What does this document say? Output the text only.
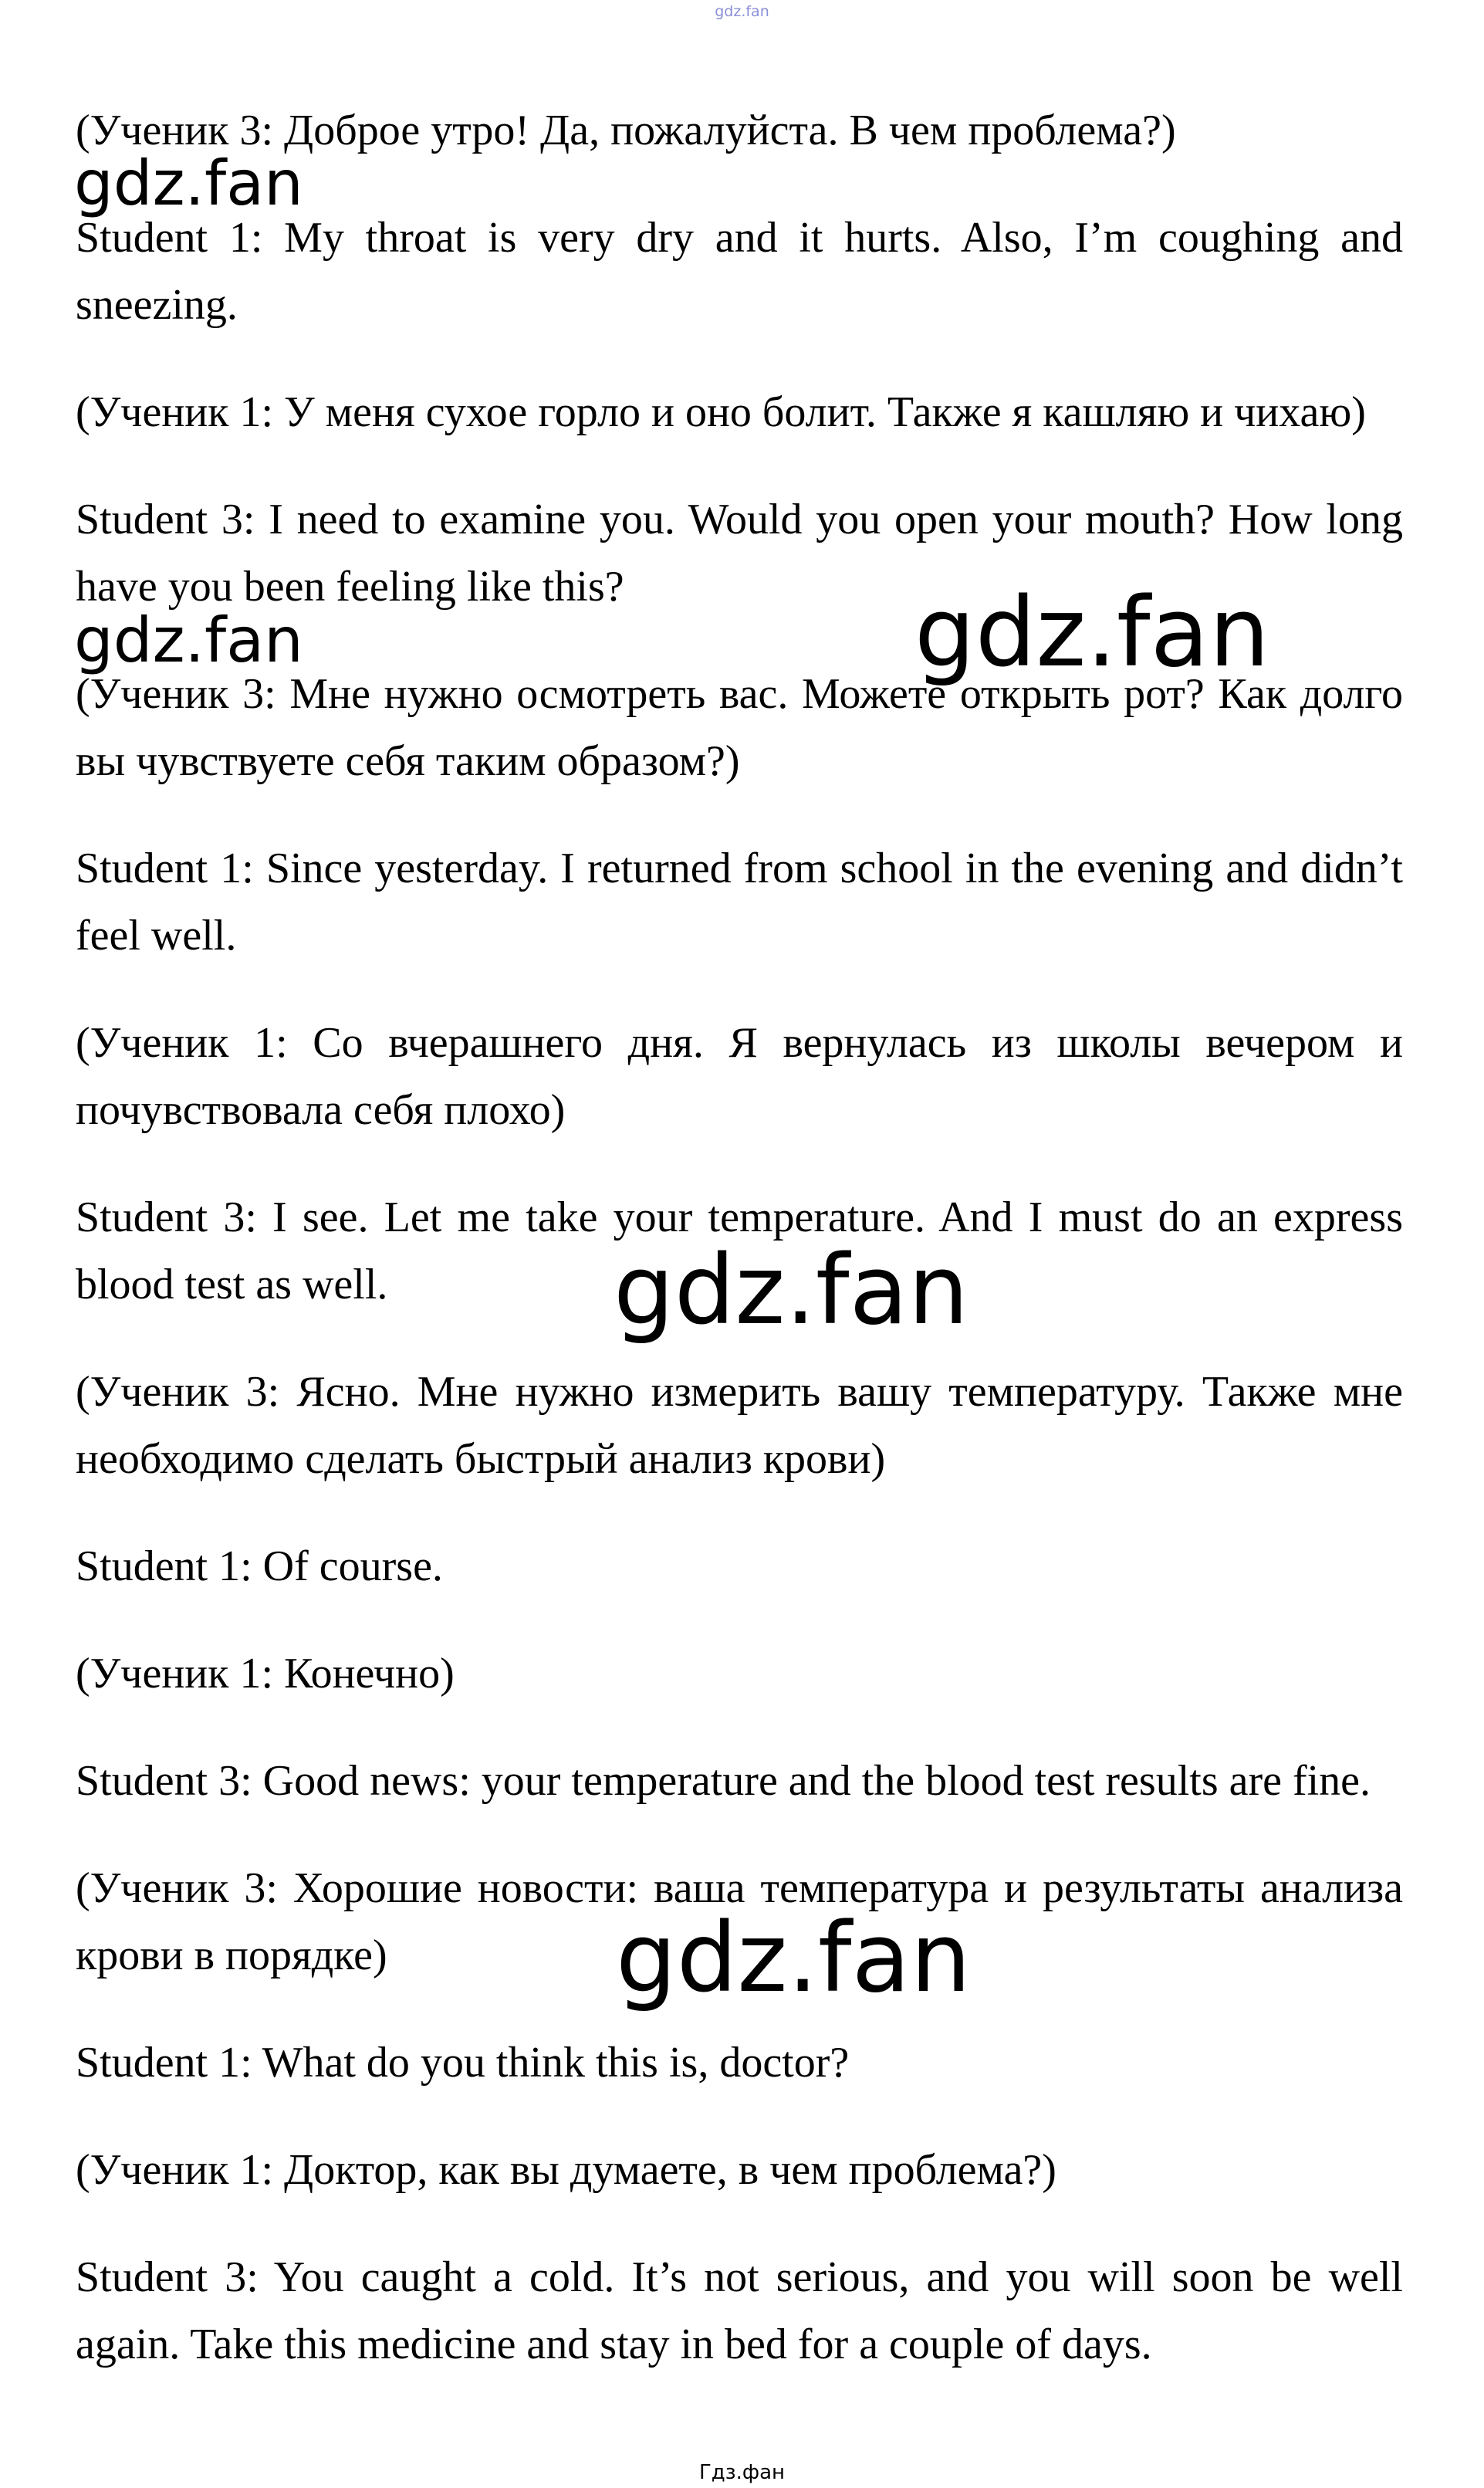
gdz.fan

(Ученик 3: Доброе утро! Да, пожалуйста. В чем проблема?)

Student 1: My throat is very dry and it hurts. Also, I’m coughing and sneezing.

(Ученик 1: У меня сухое горло и оно болит. Также я кашляю и чихаю)

Student 3: I need to examine you. Would you open your mouth? How long have you been feeling like this?

(Ученик 3: Мне нужно осмотреть вас. Можете открыть рот? Как долго вы чувствуете себя таким образом?)

Student 1: Since yesterday. I returned from school in the evening and didn’t feel well.

(Ученик 1: Со вчерашнего дня. Я вернулась из школы вечером и почувствовала себя плохо)

Student 3: I see. Let me take your temperature. And I must do an express blood test as well.

(Ученик 3: Ясно. Мне нужно измерить вашу температуру. Также мне необходимо сделать быстрый анализ крови)

Student 1: Of course.

(Ученик 1: Конечно)

Student 3: Good news: your temperature and the blood test results are fine.

(Ученик 3: Хорошие новости: ваша температура и результаты анализа крови в порядке)

Student 1: What do you think this is, doctor?

(Ученик 1: Доктор, как вы думаете, в чем проблема?)

Student 3: You caught a cold. It’s not serious, and you will soon be well again. Take this medicine and stay in bed for a couple of days.

gdz.fan
gdz.fan	gdz.fan
gdz.fan
gdz.fan
Гдз.фан
